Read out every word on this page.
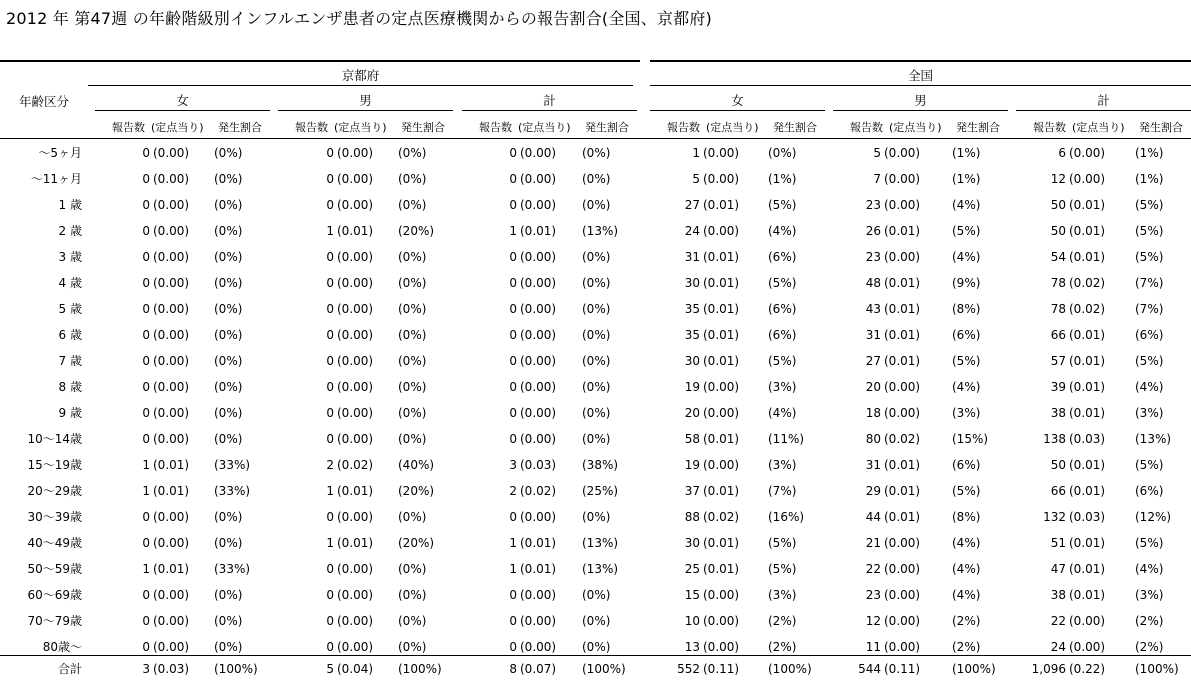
2012 年 第47週 の年齢階級別インフルエンザ患者の定点医療機関からの報告割合(全国、京都府)
年齢区分
京都府	全国
女	男	計	女	男	計
報告数 (定点当り) 発生割合	報告数 (定点当り) 発生割合	報告数 (定点当り) 発生割合	報告数 (定点当り) 発生割合	報告数 (定点当り) 発生割合	報告数 (定点当り) 発生割合
～5ヶ月	0 (0.00) (0%)	0 (0.00) (0%)	0 (0.00) (0%)	1 (0.00) (0%)	5 (0.00)	(1%)	6 (0.00) (1%)
～11ヶ月	0 (0.00) (0%)	0 (0.00) (0%)	0 (0.00) (0%)	5 (0.00) (1%)	7 (0.00)	(1%)	12 (0.00) (1%)
1 歳	0 (0.00) (0%)	0 (0.00) (0%)	0 (0.00) (0%)	27 (0.01) (5%)	23 (0.00)	(4%)	50 (0.01) (5%)
2 歳	0 (0.00) (0%)	1 (0.01) (20%)	1 (0.01) (13%)	24 (0.00) (4%)	26 (0.01)	(5%)	50 (0.01) (5%)
3 歳	0 (0.00) (0%)	0 (0.00) (0%)	0 (0.00) (0%)	31 (0.01) (6%)	23 (0.00)	(4%)	54 (0.01) (5%)
4 歳	0 (0.00) (0%)	0 (0.00) (0%)	0 (0.00) (0%)	30 (0.01) (5%)	48 (0.01)	(9%)	78 (0.02) (7%)
5 歳	0 (0.00) (0%)	0 (0.00) (0%)	0 (0.00) (0%)	35 (0.01) (6%)	43 (0.01)	(8%)	78 (0.02) (7%)
6 歳	0 (0.00) (0%)	0 (0.00) (0%)	0 (0.00) (0%)	35 (0.01) (6%)	31 (0.01)	(6%)	66 (0.01) (6%)
7 歳	0 (0.00) (0%)	0 (0.00) (0%)	0 (0.00) (0%)	30 (0.01) (5%)	27 (0.01)	(5%)	57 (0.01) (5%)
8 歳	0 (0.00) (0%)	0 (0.00) (0%)	0 (0.00) (0%)	19 (0.00) (3%)	20 (0.00)	(4%)	39 (0.01) (4%)
9 歳	0 (0.00) (0%)	0 (0.00) (0%)	0 (0.00) (0%)	20 (0.00) (4%)	18 (0.00)	(3%)	38 (0.01) (3%)
10～14歳	0 (0.00) (0%)	0 (0.00) (0%)	0 (0.00) (0%)	58 (0.01) (11%)	80 (0.02)	(15%)	138 (0.03) (13%)
15～19歳	1 (0.01) (33%)	2 (0.02) (40%)	3 (0.03) (38%)	19 (0.00) (3%)	31 (0.01)	(6%)	50 (0.01) (5%)
20～29歳	1 (0.01) (33%)	1 (0.01) (20%)	2 (0.02) (25%)	37 (0.01) (7%)	29 (0.01)	(5%)	66 (0.01) (6%)
30～39歳	0 (0.00) (0%)	0 (0.00) (0%)	0 (0.00) (0%)	88 (0.02) (16%)	44 (0.01)	(8%)	132 (0.03) (12%)
40～49歳	0 (0.00) (0%)	1 (0.01) (20%)	1 (0.01) (13%)	30 (0.01) (5%)	21 (0.00)	(4%)	51 (0.01) (5%)
50～59歳	1 (0.01) (33%)	0 (0.00) (0%)	1 (0.01) (13%)	25 (0.01) (5%)	22 (0.00)	(4%)	47 (0.01) (4%)
60～69歳	0 (0.00) (0%)	0 (0.00) (0%)	0 (0.00) (0%)	15 (0.00) (3%)	23 (0.00)	(4%)	38 (0.01) (3%)
70～79歳	0 (0.00) (0%)	0 (0.00) (0%)	0 (0.00) (0%)	10 (0.00) (2%)	12 (0.00)	(2%)	22 (0.00) (2%)
80歳～	0 (0.00) (0%)	0 (0.00) (0%)	0 (0.00) (0%)	13 (0.00) (2%)	11 (0.00)	(2%)	24 (0.00) (2%)
合計	3 (0.03) (100%)	5 (0.04) (100%)	8 (0.07) (100%)	552 (0.11) (100%)	544 (0.11)	(100%)	1,096 (0.22) (100%)
